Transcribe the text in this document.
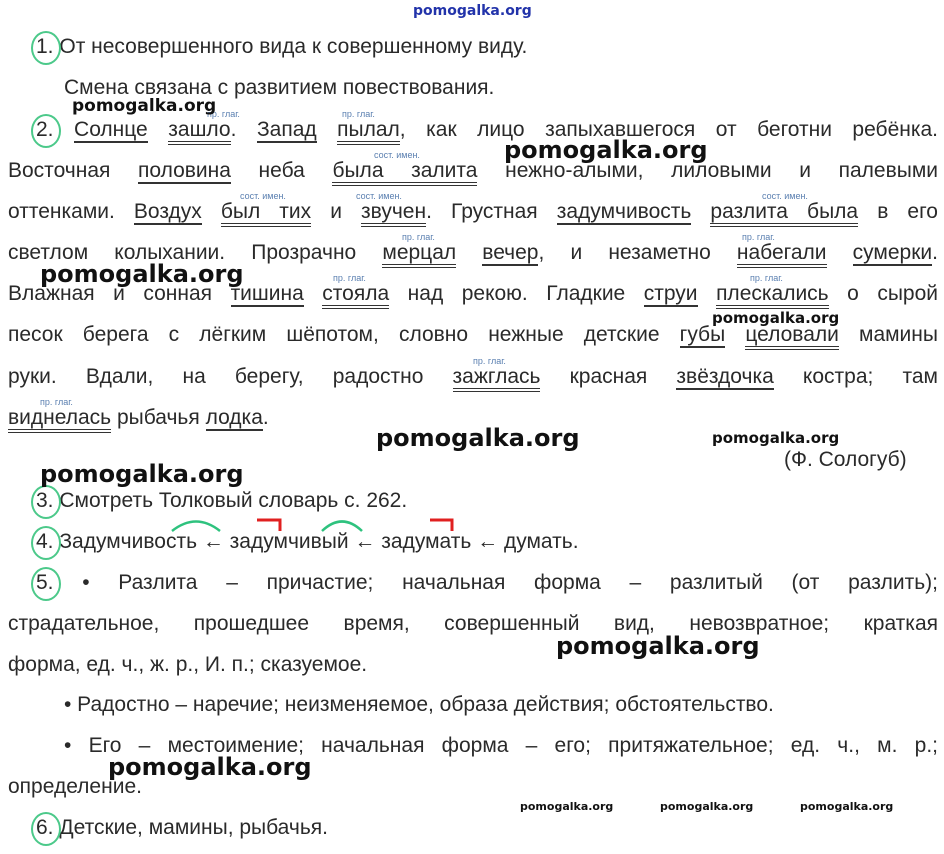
pomogalka.org
1. От несовершенного вида к совершенному виду.
Смена связана с развитием повествования.
2. Солнце зашло. Запад пылал, как лицо запыхавшегося от беготни ребёнка.
пр. глаг.	пр. глаг.
Восточная половина неба была залита нежно-алыми, лиловыми и палевыми
сост. имен.
оттенками. Воздух был тих и звучен. Грустная задумчивость разлита была в его
сост. имен.	сост. имен.	сост. имен.
светлом колыхании. Прозрачно мерцал вечер, и незаметно набегали сумерки.
пр. глаг.	пр. глаг.
Влажная и сонная тишина стояла над рекою. Гладкие струи плескались о сырой
пр. глаг.	пр. глаг.
песок берега с лёгким шёпотом, словно нежные детские губы целовали мамины
руки. Вдали, на берегу, радостно зажглась красная звёздочка костра; там
пр. глаг.
виднелась рыбачья лодка.
пр. глаг.
(Ф. Сологуб)
3. Смотреть Толковый словарь с. 262.
4. Задумчивость ← задумчивый ← задумать ← думать.
5. • Разлита – причастие; начальная форма – разлитый (от разлить);
страдательное, прошедшее время, совершенный вид, невозвратное; краткая
форма, ед. ч., ж. р., И. п.; сказуемое.
• Радостно – наречие; неизменяемое, образа действия; обстоятельство.
• Его – местоимение; начальная форма – его; притяжательное; ед. ч., м. р.;
определение.
6. Детские, мамины, рыбачья.
pomogalka.org
pomogalka.org
pomogalka.org
pomogalka.org
pomogalka.org	pomogalka.org
pomogalka.org
pomogalka.org
pomogalka.org
pomogalka.org	pomogalka.org	pomogalka.org
